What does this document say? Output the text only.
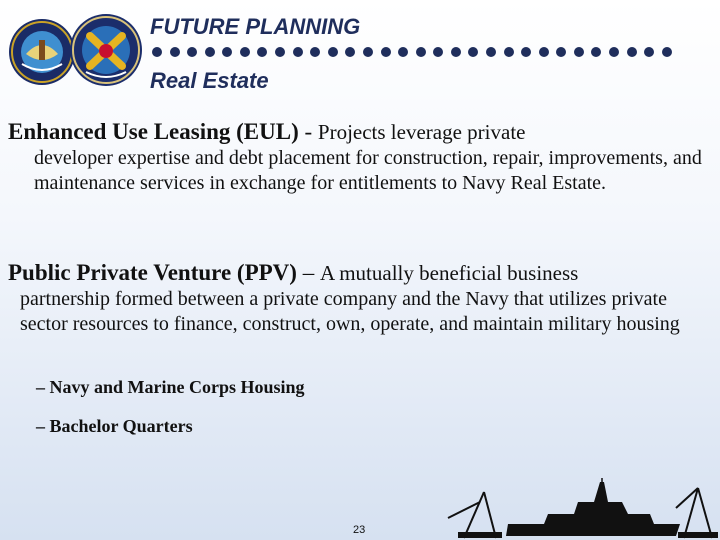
FUTURE PLANNING
Real Estate
Enhanced Use Leasing (EUL) - Projects leverage private
developer expertise and debt placement for construction, repair, improvements, and maintenance services in exchange for entitlements to Navy Real Estate.
Public Private Venture (PPV) – A mutually beneficial business
partnership formed between a private company and the Navy that utilizes private sector resources to finance, construct, own, operate, and maintain military housing
– Navy and Marine Corps Housing
– Bachelor Quarters
23
